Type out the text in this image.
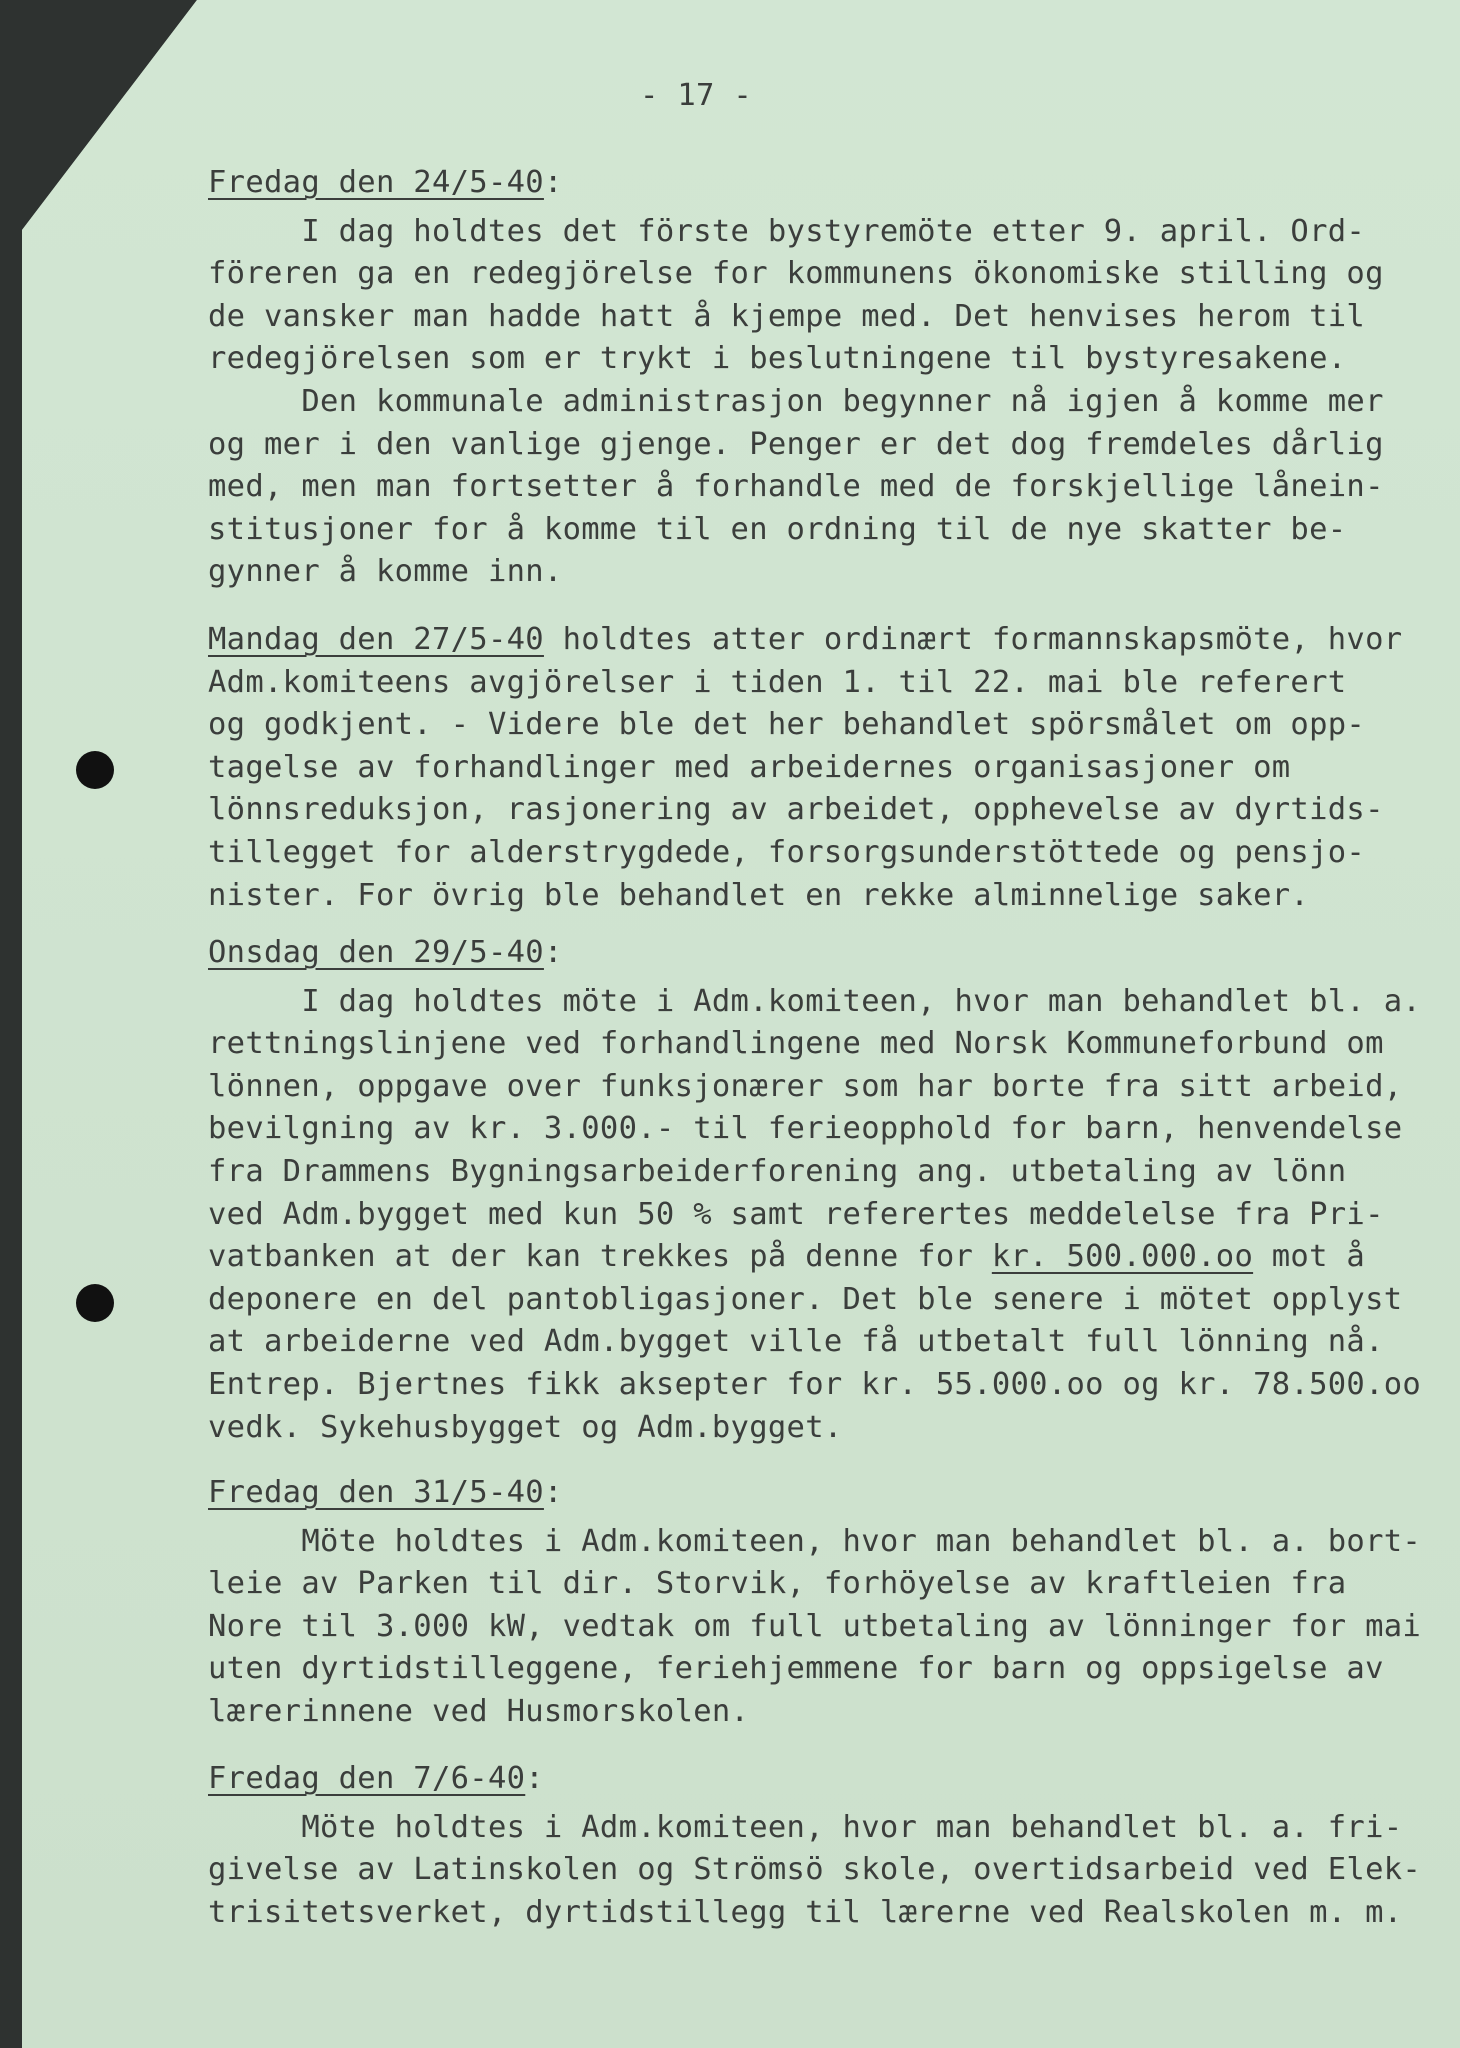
- 17 -

Fredag den 24/5-40:
I dag holdtes det förste bystyremöte etter 9. april. Ord-
föreren ga en redegjörelse for kommunens ökonomiske stilling og
de vansker man hadde hatt å kjempe med. Det henvises herom til
redegjörelsen som er trykt i beslutningene til bystyresakene.
Den kommunale administrasjon begynner nå igjen å komme mer
og mer i den vanlige gjenge. Penger er det dog fremdeles dårlig
med, men man fortsetter å forhandle med de forskjellige lånein-
stitusjoner for å komme til en ordning til de nye skatter be-
gynner å komme inn.
Mandag den 27/5-40 holdtes atter ordinært formannskapsmöte, hvor
Adm.komiteens avgjörelser i tiden 1. til 22. mai ble referert
og godkjent. - Videre ble det her behandlet spörsmålet om opp-
tagelse av forhandlinger med arbeidernes organisasjoner om
lönnsreduksjon, rasjonering av arbeidet, opphevelse av dyrtids-
tillegget for alderstrygdede, forsorgsunderstöttede og pensjo-
nister. For övrig ble behandlet en rekke alminnelige saker.
Onsdag den 29/5-40:
I dag holdtes möte i Adm.komiteen, hvor man behandlet bl. a.
rettningslinjene ved forhandlingene med Norsk Kommuneforbund om
lönnen, oppgave over funksjonærer som har borte fra sitt arbeid,
bevilgning av kr. 3.000.- til ferieopphold for barn, henvendelse
fra Drammens Bygningsarbeiderforening ang. utbetaling av lönn
ved Adm.bygget med kun 50 % samt referertes meddelelse fra Pri-
vatbanken at der kan trekkes på denne for kr. 500.000.oo mot å
deponere en del pantobligasjoner. Det ble senere i mötet opplyst
at arbeiderne ved Adm.bygget ville få utbetalt full lönning nå.
Entrep. Bjertnes fikk aksepter for kr. 55.000.oo og kr. 78.500.oo
vedk. Sykehusbygget og Adm.bygget.
Fredag den 31/5-40:
Möte holdtes i Adm.komiteen, hvor man behandlet bl. a. bort-
leie av Parken til dir. Storvik, forhöyelse av kraftleien fra
Nore til 3.000 kW, vedtak om full utbetaling av lönninger for mai
uten dyrtidstilleggene, feriehjemmene for barn og oppsigelse av
lærerinnene ved Husmorskolen.
Fredag den 7/6-40:
Möte holdtes i Adm.komiteen, hvor man behandlet bl. a. fri-
givelse av Latinskolen og Strömsö skole, overtidsarbeid ved Elek-
trisitetsverket, dyrtidstillegg til lærerne ved Realskolen m. m.
